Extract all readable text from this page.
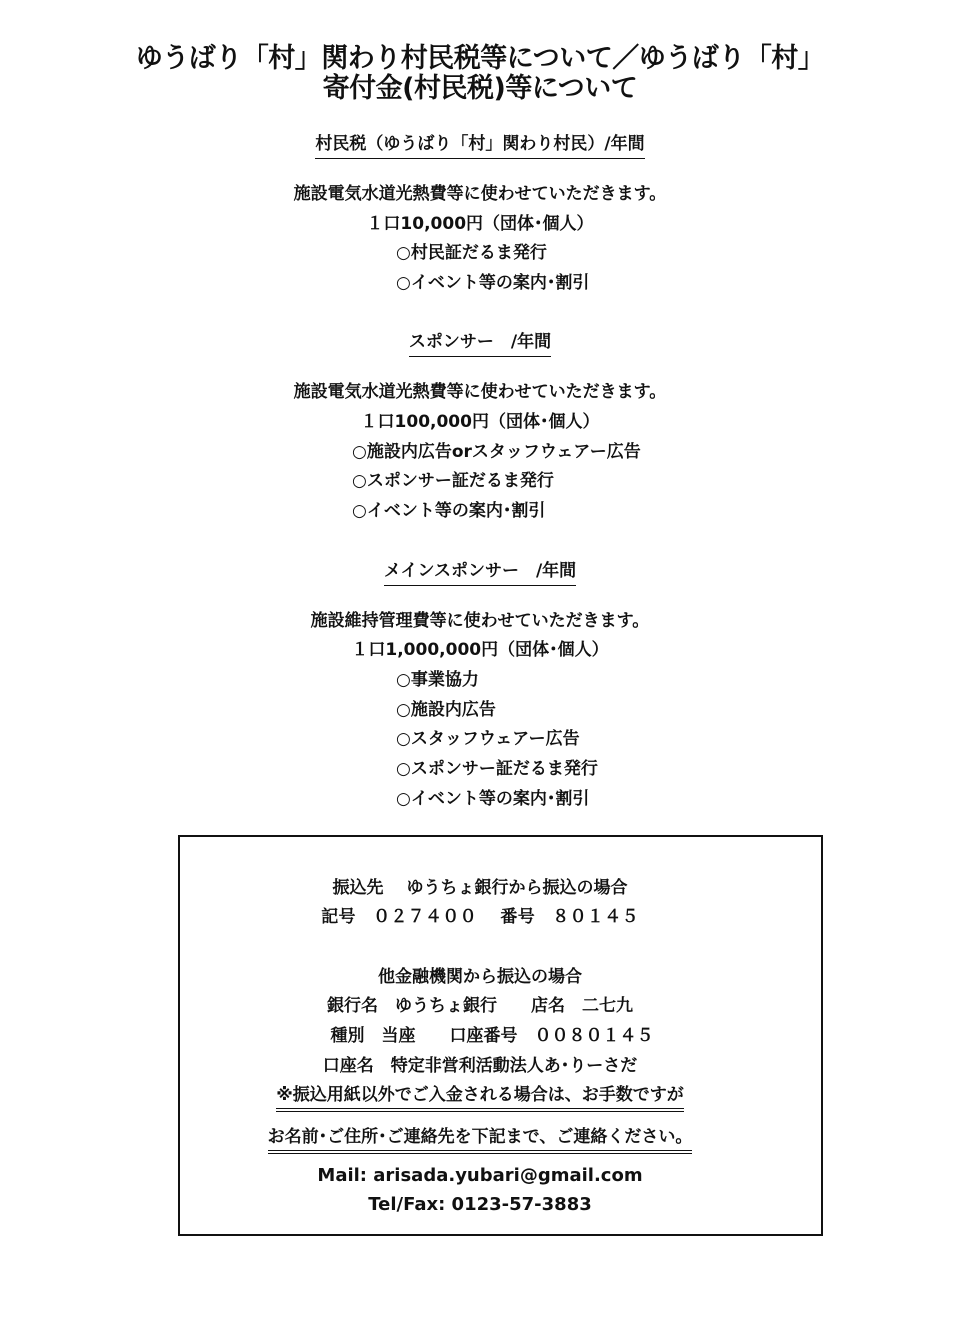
ゆうばり「村」関わり村民税等について／ゆうばり「村」
寄付金(村民税)等について
村民税（ゆうばり「村」関わり村民）/年間
施設電気水道光熱費等に使わせていただきます。
１口10,000円（団体･個人）
○村民証だるま発行
○イベント等の案内･割引
スポンサー　/年間
施設電気水道光熱費等に使わせていただきます。
１口100,000円（団体･個人）
○施設内広告orスタッフウェアー広告
○スポンサー証だるま発行
○イベント等の案内･割引
メインスポンサー　/年間
施設維持管理費等に使わせていただきます。
１口1,000,000円（団体･個人）
○事業協力
○施設内広告
○スタッフウェアー広告
○スポンサー証だるま発行
○イベント等の案内･割引
振込先　 ゆうちょ銀行から振込の場合
記号　０２７４００　 番号　８０１４５
他金融機関から振込の場合
銀行名　ゆうちょ銀行　　店名　二七九
種別　当座　　口座番号　００８０１４５
口座名　特定非営利活動法人あ･りーさだ
※振込用紙以外でご入金される場合は、お手数ですが
お名前･ご住所･ご連絡先を下記まで、ご連絡ください。
Mail: arisada.yubari@gmail.com
Tel/Fax: 0123-57-3883
